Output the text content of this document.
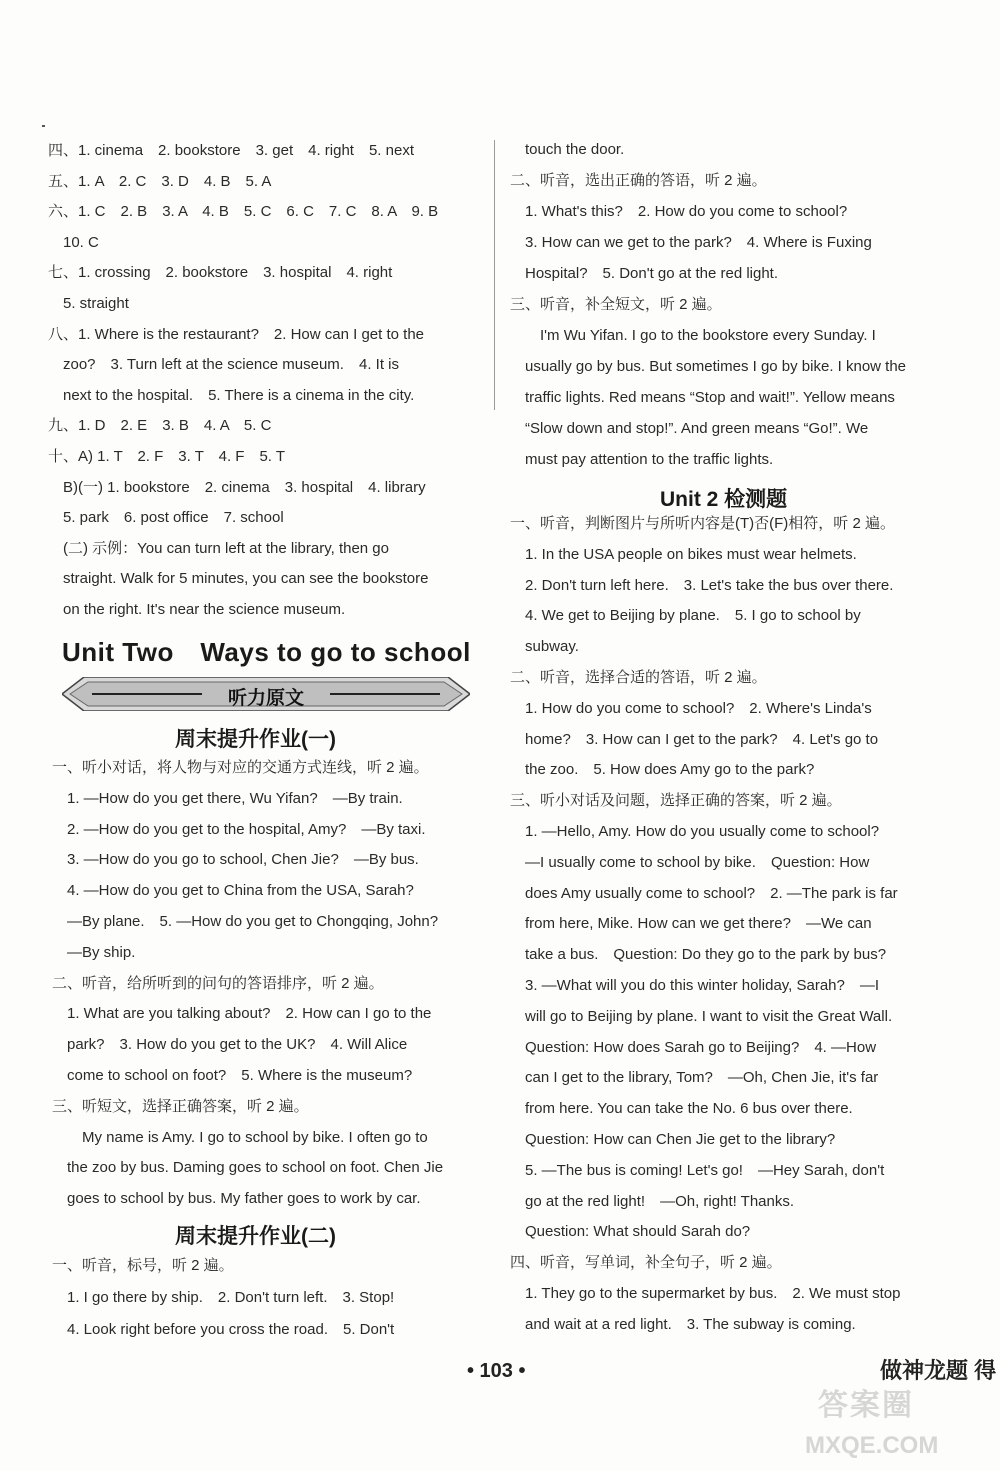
四、1. cinema　2. bookstore　3. get　4. right　5. next
五、1. A　2. C　3. D　4. B　5. A
六、1. C　2. B　3. A　4. B　5. C　6. C　7. C　8. A　9. B
　10. C
七、1. crossing　2. bookstore　3. hospital　4. right
　5. straight
八、1. Where is the restaurant?　2. How can I get to the
　zoo?　3. Turn left at the science museum.　4. It is
　next to the hospital.　5. There is a cinema in the city.
九、1. D　2. E　3. B　4. A　5. C
十、A) 1. T　2. F　3. T　4. F　5. T
　B)(一) 1. bookstore　2. cinema　3. hospital　4. library
　5. park　6. post office　7. school
　(二) 示例：You can turn left at the library, then go
　straight. Walk for 5 minutes, you can see the bookstore
　on the right. It's near the science museum.
Unit Two　Ways to go to school
听力原文
周末提升作业(一)
一、听小对话，将人物与对应的交通方式连线，听 2 遍。
　1. —How do you get there, Wu Yifan?　—By train.
　2. —How do you get to the hospital, Amy?　—By taxi.
　3. —How do you go to school, Chen Jie?　—By bus.
　4. —How do you get to China from the USA, Sarah?
　—By plane.　5. —How do you get to Chongqing, John?
　—By ship.
二、听音，给所听到的问句的答语排序，听 2 遍。
　1. What are you talking about?　2. How can I go to the
　park?　3. How do you get to the UK?　4. Will Alice
　come to school on foot?　5. Where is the museum?
三、听短文，选择正确答案，听 2 遍。
　　My name is Amy. I go to school by bike. I often go to
　the zoo by bus. Daming goes to school on foot. Chen Jie
　goes to school by bus. My father goes to work by car.
周末提升作业(二)
一、听音，标号，听 2 遍。
　1. I go there by ship.　2. Don't turn left.　3. Stop!
　4. Look right before you cross the road.　5. Don't
　touch the door.
二、听音，选出正确的答语，听 2 遍。
　1. What's this?　2. How do you come to school?
　3. How can we get to the park?　4. Where is Fuxing
　Hospital?　5. Don't go at the red light.
三、听音，补全短文，听 2 遍。
　　I'm Wu Yifan. I go to the bookstore every Sunday. I
　usually go by bus. But sometimes I go by bike. I know the
　traffic lights. Red means “Stop and wait!”. Yellow means
　“Slow down and stop!”. And green means “Go!”. We
　must pay attention to the traffic lights.
Unit 2 检测题
一、听音，判断图片与所听内容是(T)否(F)相符，听 2 遍。
　1. In the USA people on bikes must wear helmets.
　2. Don't turn left here.　3. Let's take the bus over there.
　4. We get to Beijing by plane.　5. I go to school by
　subway.
二、听音，选择合适的答语，听 2 遍。
　1. How do you come to school?　2. Where's Linda's
　home?　3. How can I get to the park?　4. Let's go to
　the zoo.　5. How does Amy go to the park?
三、听小对话及问题，选择正确的答案，听 2 遍。
　1. —Hello, Amy. How do you usually come to school?
　—I usually come to school by bike.　Question: How
　does Amy usually come to school?　2. —The park is far
　from here, Mike. How can we get there?　—We can
　take a bus.　Question: Do they go to the park by bus?
　3. —What will you do this winter holiday, Sarah?　—I
　will go to Beijing by plane. I want to visit the Great Wall.
　Question: How does Sarah go to Beijing?　4. —How
　can I get to the library, Tom?　—Oh, Chen Jie, it's far
　from here. You can take the No. 6 bus over there.
　Question: How can Chen Jie get to the library?
　5. —The bus is coming! Let's go!　—Hey Sarah, don't
　go at the red light!　—Oh, right! Thanks.
　Question: What should Sarah do?
四、听音，写单词，补全句子，听 2 遍。
　1. They go to the supermarket by bus.　2. We must stop
　and wait at a red light.　3. The subway is coming.
• 103 •	做神龙题 得
答案圈
MXQE.COM
